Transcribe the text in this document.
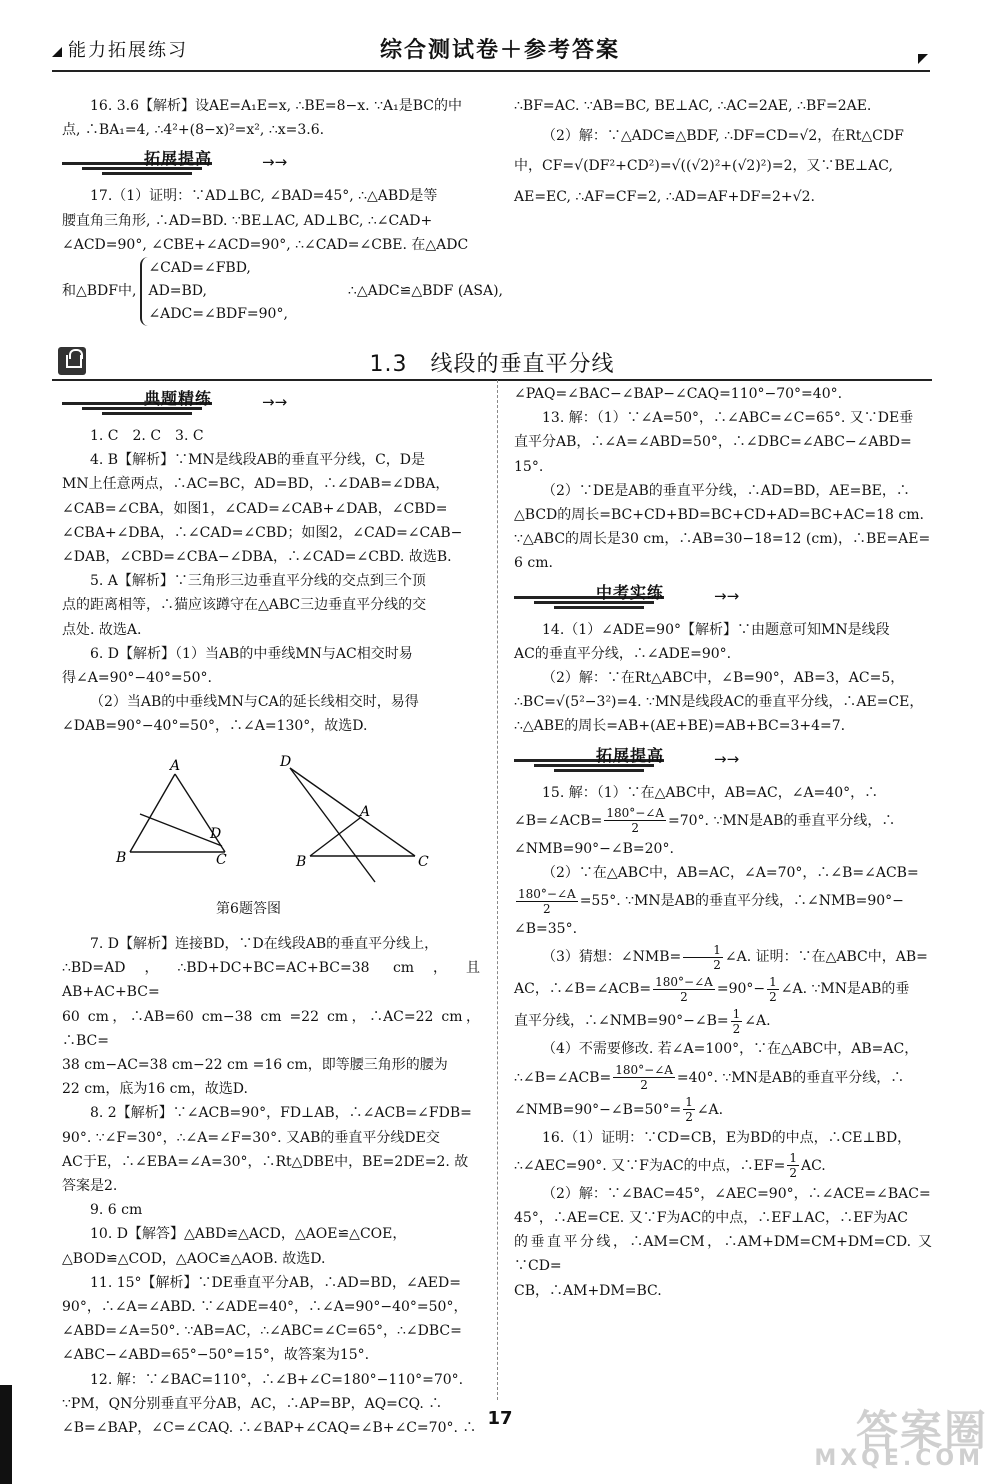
能力拓展练习	综合测试卷＋参考答案

16. 3.6【解析】设AE=A₁E=x, ∴BE=8−x. ∵A₁是BC的中

点, ∴BA₁=4, ∴4²+(8−x)²=x², ∴x=3.6.

拓展提高	→→

17.（1）证明：∵AD⊥BC, ∠BAD=45°, ∴△ABD是等

腰直角三角形, ∴AD=BD. ∵BE⊥AC, AD⊥BC, ∴∠CAD+

∠ACD=90°, ∠CBE+∠ACD=90°, ∴∠CAD=∠CBE. 在△ADC

和△BDF中,
∠CAD=∠FBD,
AD=BD,
∠ADC=∠BDF=90°,
∴△ADC≌△BDF (ASA),

∴BF=AC. ∵AB=BC, BE⊥AC, ∴AC=2AE, ∴BF=2AE.

（2）解：∵△ADC≌△BDF, ∴DF=CD=√2，在Rt△CDF

中，CF=√(DF²+CD²)=√((√2)²+(√2)²)=2，又∵BE⊥AC,

AE=EC, ∴AF=CF=2, ∴AD=AF+DF=2+√2.

1.3　线段的垂直平分线
典题精练	→→

1. C　2. C　3. C

4. B【解析】∵MN是线段AB的垂直平分线，C，D是

MN上任意两点，∴AC=BC，AD=BD，∴∠DAB=∠DBA，

∠CAB=∠CBA，如图1，∠CAD=∠CAB+∠DAB，∠CBD=

∠CBA+∠DBA，∴∠CAD=∠CBD；如图2，∠CAD=∠CAB−

∠DAB，∠CBD=∠CBA−∠DBA，∴∠CAD=∠CBD. 故选B.

5. A【解析】∵三角形三边垂直平分线的交点到三个顶

点的距离相等，∴猫应该蹲守在△ABC三边垂直平分线的交

点处. 故选A.

6. D【解析】（1）当AB的中垂线MN与AC相交时易

得∠A=90°−40°=50°.

（2）当AB的中垂线MN与CA的延长线相交时，易得

∠DAB=90°−40°=50°，∴∠A=130°，故选D.

A
B	C
D
D
A
B	C
第6题答图

7. D【解析】连接BD，∵D在线段AB的垂直平分线上，

∴BD=AD，∴BD+DC+BC=AC+BC=38 cm，且AB+AC+BC=

60 cm，∴AB=60 cm−38 cm =22 cm，∴AC=22 cm，∴BC=

38 cm−AC=38 cm−22 cm =16 cm，即等腰三角形的腰为

22 cm，底为16 cm，故选D.

8. 2【解析】∵∠ACB=90°，FD⊥AB，∴∠ACB=∠FDB=

90°. ∵∠F=30°，∴∠A=∠F=30°. 又AB的垂直平分线DE交

AC于E，∴∠EBA=∠A=30°，∴Rt△DBE中，BE=2DE=2. 故

答案是2.

9. 6 cm

10. D【解答】△ABD≌△ACD，△AOE≌△COE，

△BOD≌△COD，△AOC≌△AOB. 故选D.

11. 15°【解析】∵DE垂直平分AB，∴AD=BD，∠AED=

90°，∴∠A=∠ABD. ∵∠ADE=40°，∴∠A=90°−40°=50°，

∠ABD=∠A=50°. ∵AB=AC，∴∠ABC=∠C=65°，∴∠DBC=

∠ABC−∠ABD=65°−50°=15°，故答案为15°.

12. 解：∵∠BAC=110°，∴∠B+∠C=180°−110°=70°.

∵PM，QN分别垂直平分AB，AC，∴AP=BP，AQ=CQ. ∴

∠B=∠BAP，∠C=∠CAQ. ∴∠BAP+∠CAQ=∠B+∠C=70°. ∴

∠PAQ=∠BAC−∠BAP−∠CAQ=110°−70°=40°.

13. 解：（1）∵∠A=50°，∴∠ABC=∠C=65°. 又∵DE垂

直平分AB，∴∠A=∠ABD=50°，∴∠DBC=∠ABC−∠ABD=

15°.

（2）∵DE是AB的垂直平分线，∴AD=BD，AE=BE，∴

△BCD的周长=BC+CD+BD=BC+CD+AD=BC+AC=18 cm.

∵△ABC的周长是30 cm，∴AB=30−18=12 (cm)，∴BE=AE=

6 cm.

中考实练	→→

14.（1）∠ADE=90°【解析】∵由题意可知MN是线段

AC的垂直平分线，∴∠ADE=90°.

（2）解：∵在Rt△ABC中，∠B=90°，AB=3，AC=5，

∴BC=√(5²−3²)=4. ∵MN是线段AC的垂直平分线，∴AE=CE，

∴△ABE的周长=AB+(AE+BE)=AB+BC=3+4=7.

拓展提高	→→

15. 解：（1）∵在△ABC中，AB=AC，∠A=40°，∴

∠B=∠ACB= $\frac{180^\circ-\angle A}{2} =70^\circ$. ∵MN是AB的垂直平分线，∴

∠NMB=90°−∠B=20°.

（2）∵在△ABC中，AB=AC，∠A=70°，∴∠B=∠ACB=

$\frac{180^\circ-\angle A}{2} =55^\circ$. ∵MN是AB的垂直平分线，∴∠NMB=90°−

∠B=35°.

（3）猜想：∠NMB= $\frac{1}{2}$ ∠A. 证明：∵在△ABC中，AB=

AC，∴∠B=∠ACB= $\frac{180^\circ-\angle A}{2} =90^\circ- \frac{1}{2}$ ∠A. ∵MN是AB的垂

直平分线，∴∠NMB=90°−∠B= $\frac{1}{2}$ ∠A.

（4）不需要修改. 若∠A=100°，∵在△ABC中，AB=AC，

∴∠B=∠ACB= $\frac{180^\circ-\angle A}{2} =40^\circ$. ∵MN是AB的垂直平分线，∴

∠NMB=90°−∠B=50°= $\frac{1}{2}$ ∠A.

16.（1）证明：∵CD=CB，E为BD的中点，∴CE⊥BD，

∴∠AEC=90°. 又∵F为AC的中点，∴EF= $\frac{1}{2}$ AC.

（2）解：∵∠BAC=45°，∠AEC=90°，∴∠ACE=∠BAC=

45°，∴AE=CE. 又∵F为AC的中点，∴EF⊥AC，∴EF为AC

的垂直平分线，∴AM=CM，∴AM+DM=CM+DM=CD. 又∵CD=

CB，∴AM+DM=BC.

17	答案圈
MXQE.COM
